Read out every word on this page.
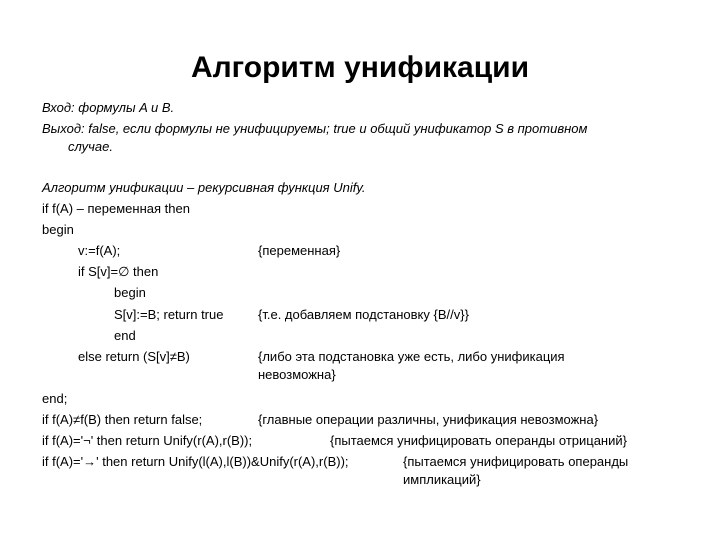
Алгоритм унификации
Вход: формулы A и B.
Выход: false, если формулы не унифицируемы; true и общий унификатор S в противном
случае.
Алгоритм унификации – рекурсивная функция Unify.
if f(A) – переменная then
begin
v:=f(A);	{переменная}
if S[v]=∅ then
begin
S[v]:=B; return true	{т.е. добавляем подстановку {B//v}}
end
else return (S[v]≠B)	{либо эта подстановка уже есть, либо унификация
невозможна}
end;
if f(A)≠f(B) then return false;	{главные операции различны, унификация невозможна}
if f(A)='¬' then return Unify(r(A),r(B));	{пытаемся унифицировать операнды отрицаний}
if f(A)='→' then return Unify(l(A),l(B))&Unify(r(A),r(B));	{пытаемся унифицировать операнды
импликаций}
